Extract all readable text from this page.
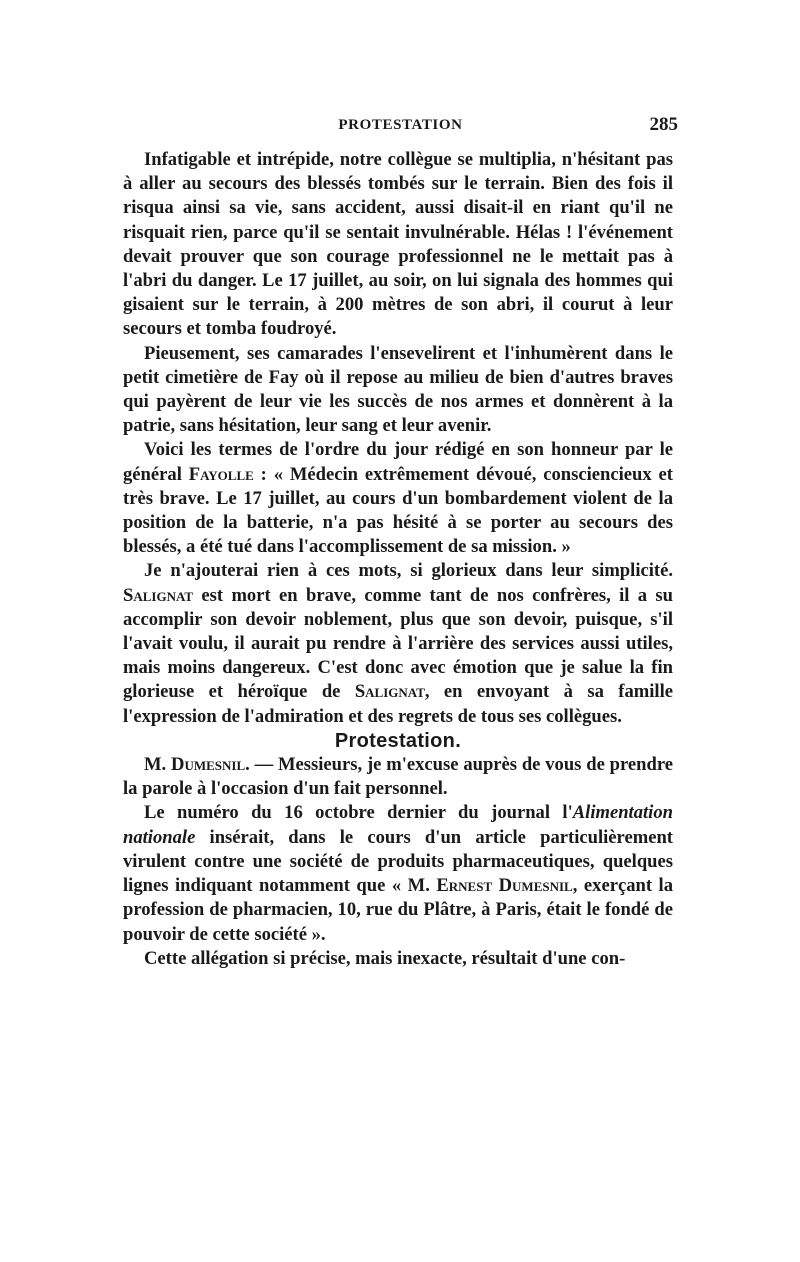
PROTESTATION	285

Infatigable et intrépide, notre collègue se multiplia, n'hésitant pas à aller au secours des blessés tombés sur le terrain. Bien des fois il risqua ainsi sa vie, sans accident, aussi disait-il en riant qu'il ne risquait rien, parce qu'il se sentait invulnérable. Hélas ! l'événement devait prouver que son courage professionnel ne le mettait pas à l'abri du danger. Le 17 juillet, au soir, on lui signala des hommes qui gisaient sur le terrain, à 200 mètres de son abri, il courut à leur secours et tomba foudroyé.

Pieusement, ses camarades l'ensevelirent et l'inhumèrent dans le petit cimetière de Fay où il repose au milieu de bien d'autres braves qui payèrent de leur vie les succès de nos armes et donnèrent à la patrie, sans hésitation, leur sang et leur avenir.

Voici les termes de l'ordre du jour rédigé en son honneur par le général Fayolle : « Médecin extrêmement dévoué, consciencieux et très brave. Le 17 juillet, au cours d'un bombardement violent de la position de la batterie, n'a pas hésité à se porter au secours des blessés, a été tué dans l'accomplissement de sa mission. »

Je n'ajouterai rien à ces mots, si glorieux dans leur simplicité. Salignat est mort en brave, comme tant de nos confrères, il a su accomplir son devoir noblement, plus que son devoir, puisque, s'il l'avait voulu, il aurait pu rendre à l'arrière des services aussi utiles, mais moins dangereux. C'est donc avec émotion que je salue la fin glorieuse et héroïque de Salignat, en envoyant à sa famille l'expression de l'admiration et des regrets de tous ses collègues.

Protestation.

M. Dumesnil. — Messieurs, je m'excuse auprès de vous de prendre la parole à l'occasion d'un fait personnel.

Le numéro du 16 octobre dernier du journal l'Alimentation nationale insérait, dans le cours d'un article particulièrement virulent contre une société de produits pharmaceutiques, quelques lignes indiquant notamment que « M. Ernest Dumesnil, exerçant la profession de pharmacien, 10, rue du Plâtre, à Paris, était le fondé de pouvoir de cette société ».

Cette allégation si précise, mais inexacte, résultait d'une con-
